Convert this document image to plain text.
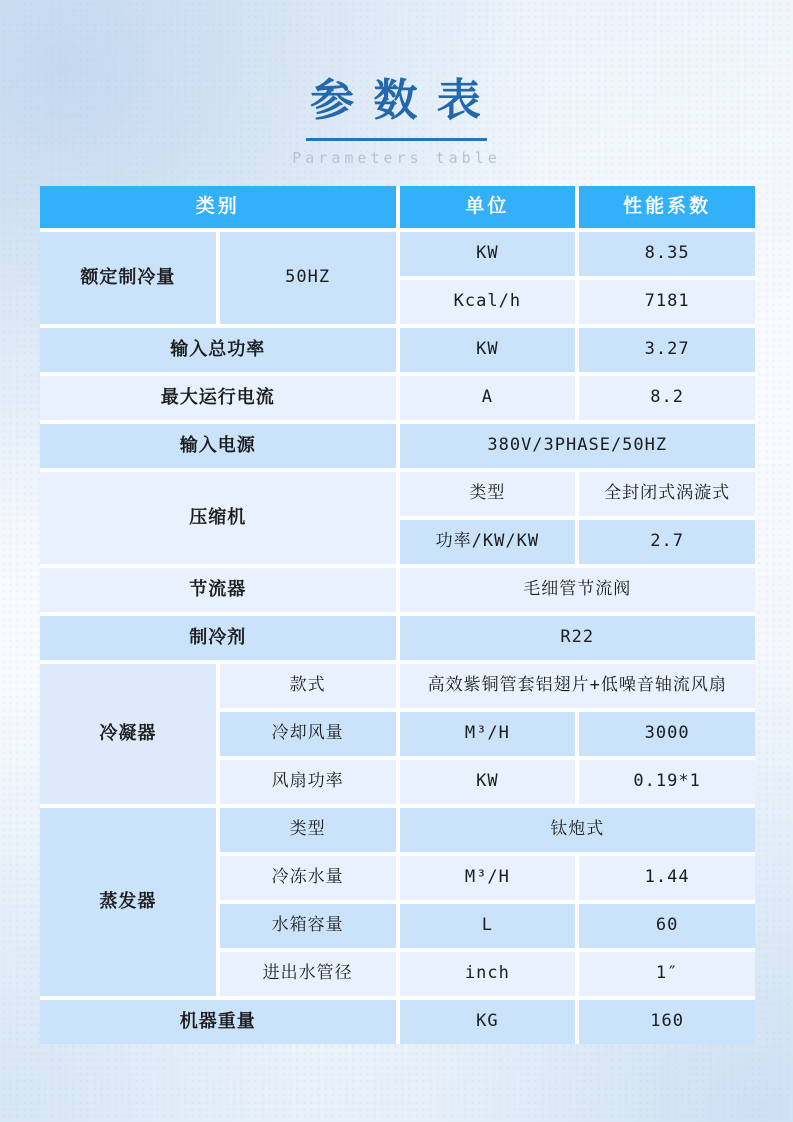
参 数 表
Parameters table
类别	单位	性能系数
额定制冷量	50HZ
KW	8.35
Kcal/h	7181
输入总功率	KW	3.27
最大运行电流	A	8.2
输入电源	380V/3PHASE/50HZ
压缩机
类型	全封闭式涡漩式
功率/KW/KW	2.7
节流器	毛细管节流阀
制冷剂	R22
冷凝器
款式	高效紫铜管套铝翅片+低噪音轴流风扇
冷却风量	M³/H	3000
风扇功率	KW	0.19*1
蒸发器
类型	钛炮式
冷冻水量	M³/H	1.44
水箱容量	L	60
进出水管径	inch	1″
机器重量	KG	160
